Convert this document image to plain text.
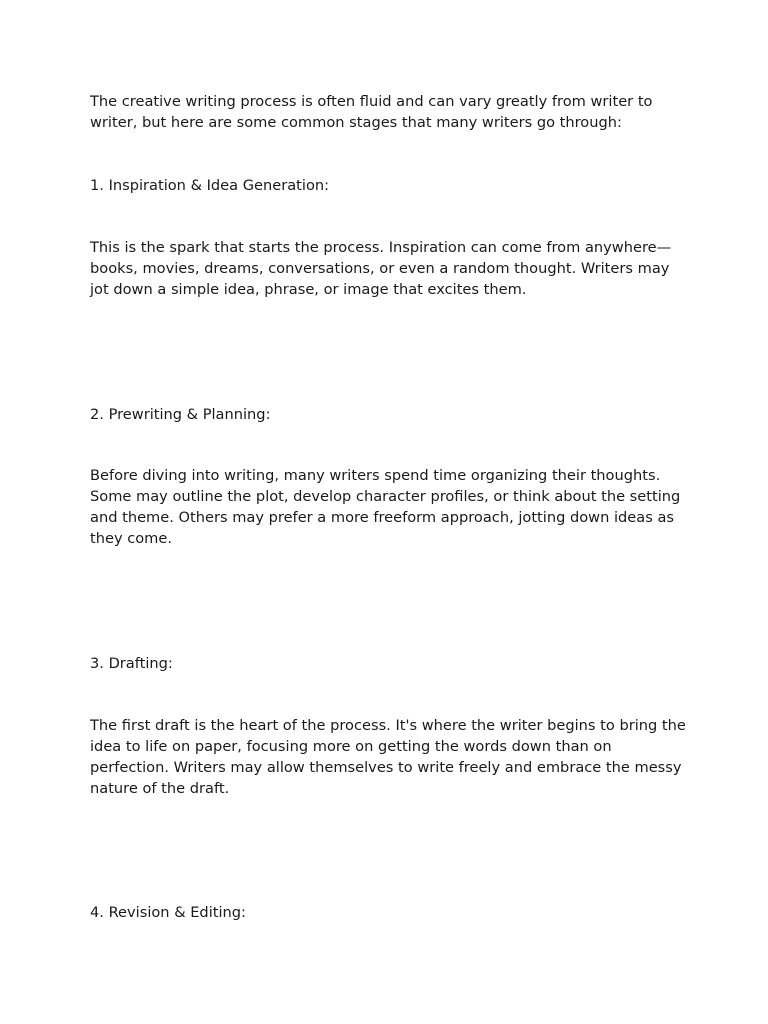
The creative writing process is often fluid and can vary greatly from writer to writer, but here are some common stages that many writers go through:

1. Inspiration & Idea Generation:

This is the spark that starts the process. Inspiration can come from anywhere—books, movies, dreams, conversations, or even a random thought. Writers may jot down a simple idea, phrase, or image that excites them.

2. Prewriting & Planning:

Before diving into writing, many writers spend time organizing their thoughts. Some may outline the plot, develop character profiles, or think about the setting and theme. Others may prefer a more freeform approach, jotting down ideas as they come.

3. Drafting:

The first draft is the heart of the process. It's where the writer begins to bring the idea to life on paper, focusing more on getting the words down than on perfection. Writers may allow themselves to write freely and embrace the messy nature of the draft.

4. Revision & Editing:
